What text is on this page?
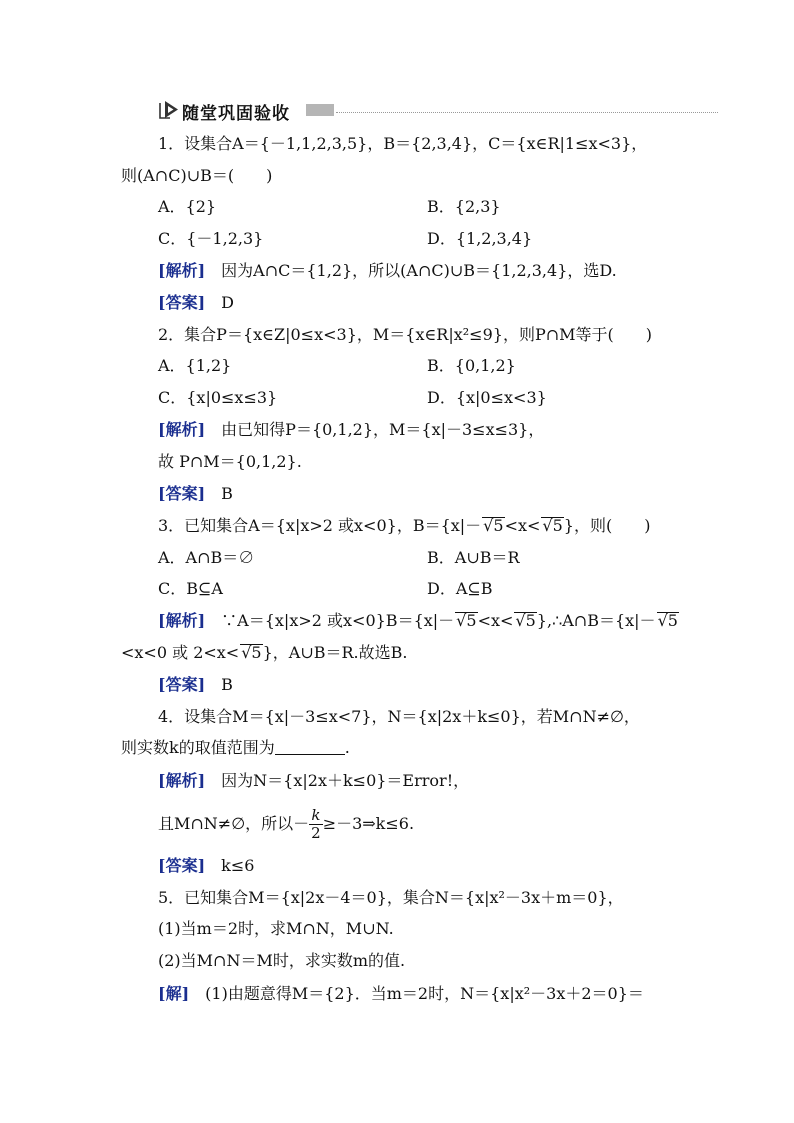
随堂巩固验收
1．设集合A＝{－1,1,2,3,5}，B＝{2,3,4}，C＝{x∈R|1≤x<3}，
则(A∩C)∪B＝(　　)
A．{2}	B．{2,3}
C．{－1,2,3}	D．{1,2,3,4}
[解析]　 因为A∩C＝{1,2}，所以(A∩C)∪B＝{1,2,3,4}，选D.
[答案]　 D
2．集合P＝{x∈Z|0≤x<3}，M＝{x∈R|x²≤9}，则P∩M等于(　　)
A．{1,2}	B．{0,1,2}
C．{x|0≤x≤3}	D．{x|0≤x<3}
[解析]　 由已知得P＝{0,1,2}，M＝{x|－3≤x≤3}，
故 P∩M＝{0,1,2}.
[答案]　 B
3．已知集合A＝{x|x>2 或x<0}，B＝{x|－ √5<x< √5}，则(　　)
A．A∩B＝∅	B．A∪B＝R
C．B⊆A	D．A⊆B
[解析]　 ∵A＝{x|x>2 或x<0}B＝{x|－ √5<x< √5},∴A∩B＝{x|－ √5
<x<0 或 2<x< √5}，A∪B＝R.故选B.
[答案]　 B
4．设集合M＝{x|－3≤x<7}，N＝{x|2x＋k≤0}，若M∩N≠∅，
则实数k的取值范围为	.
[解析]　 因为N＝{x|2x＋k≤0}＝Error!，
且M∩N≠∅，所以－ $\frac{k}{2}$ ≥－3⇒k≤6.
[答案]　 k≤6
5．已知集合M＝{x|2x－4＝0}，集合N＝{x|x²－3x＋m＝0}，
(1)当m＝2时，求M∩N，M∪N.
(2)当M∩N＝M时，求实数m的值.
[解]　 (1)由题意得M＝{2}．当m＝2时，N＝{x|x²－3x＋2＝0}＝
